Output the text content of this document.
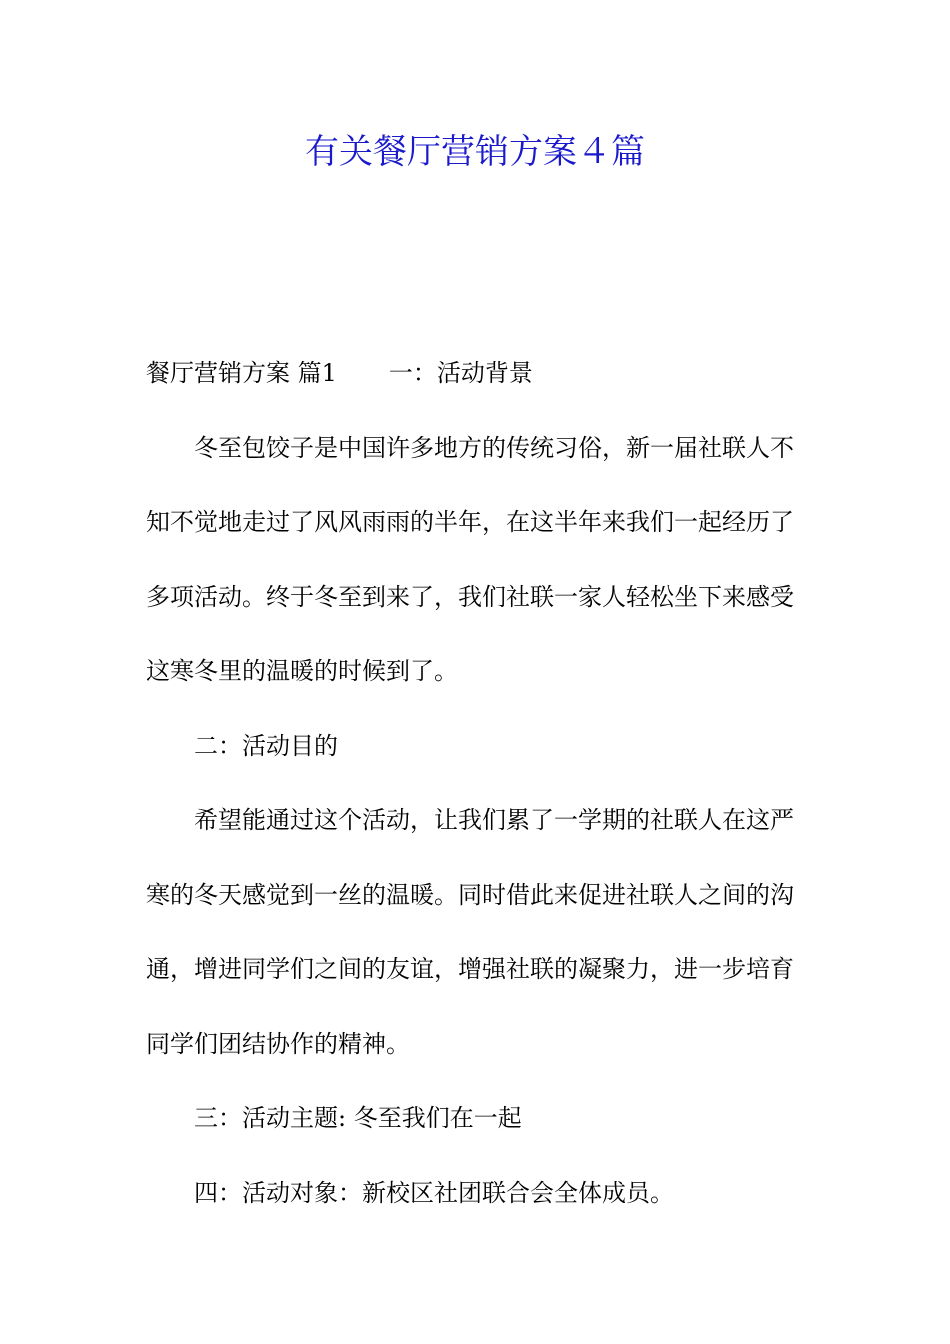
有关餐厅营销方案４篇
餐厅营销方案 篇1 一：活动背景
冬至包饺子是中国许多地方的传统习俗，新一届社联人不
知不觉地走过了风风雨雨的半年，在这半年来我们一起经历了
多项活动。终于冬至到来了，我们社联一家人轻松坐下来感受
这寒冬里的温暖的时候到了。
二：活动目的
希望能通过这个活动，让我们累了一学期的社联人在这严
寒的冬天感觉到一丝的温暖。同时借此来促进社联人之间的沟
通，增进同学们之间的友谊，增强社联的凝聚力，进一步培育
同学们团结协作的精神。
三：活动主题: 冬至我们在一起
四：活动对象：新校区社团联合会全体成员。
